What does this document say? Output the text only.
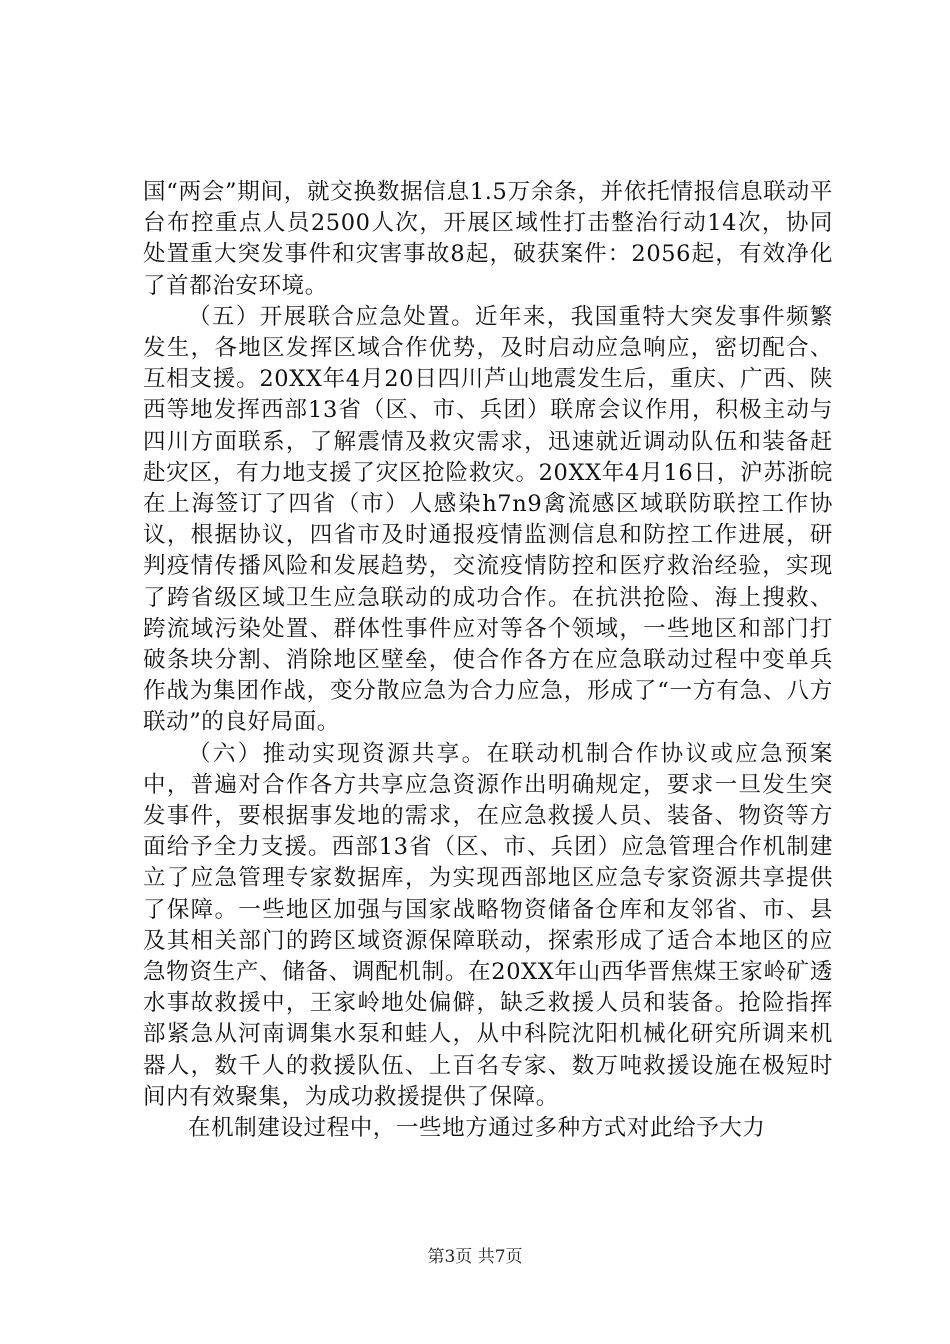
国“两会”期间，就交换数据信息1.5万余条，并依托情报信息联动平台布控重点人员2500人次，开展区域性打击整治行动14次，协同处置重大突发事件和灾害事故8起，破获案件：2056起，有效净化了首都治安环境。

（五）开展联合应急处置。近年来，我国重特大突发事件频繁发生，各地区发挥区域合作优势，及时启动应急响应，密切配合、互相支援。20XX年4月20日四川芦山地震发生后，重庆、广西、陕西等地发挥西部13省（区、市、兵团）联席会议作用，积极主动与四川方面联系，了解震情及救灾需求，迅速就近调动队伍和装备赶赴灾区，有力地支援了灾区抢险救灾。20XX年4月16日，沪苏浙皖在上海签订了四省（市）人感染h7n9禽流感区域联防联控工作协议，根据协议，四省市及时通报疫情监测信息和防控工作进展，研判疫情传播风险和发展趋势，交流疫情防控和医疗救治经验，实现了跨省级区域卫生应急联动的成功合作。在抗洪抢险、海上搜救、跨流域污染处置、群体性事件应对等各个领域，一些地区和部门打破条块分割、消除地区壁垒，使合作各方在应急联动过程中变单兵作战为集团作战，变分散应急为合力应急，形成了“一方有急、八方联动”的良好局面。

（六）推动实现资源共享。在联动机制合作协议或应急预案中，普遍对合作各方共享应急资源作出明确规定，要求一旦发生突发事件，要根据事发地的需求，在应急救援人员、装备、物资等方面给予全力支援。西部13省（区、市、兵团）应急管理合作机制建立了应急管理专家数据库，为实现西部地区应急专家资源共享提供了保障。一些地区加强与国家战略物资储备仓库和友邻省、市、县及其相关部门的跨区域资源保障联动，探索形成了适合本地区的应急物资生产、储备、调配机制。在20XX年山西华晋焦煤王家岭矿透水事故救援中，王家岭地处偏僻，缺乏救援人员和装备。抢险指挥部紧急从河南调集水泵和蛙人，从中科院沈阳机械化研究所调来机器人，数千人的救援队伍、上百名专家、数万吨救援设施在极短时间内有效聚集，为成功救援提供了保障。

在机制建设过程中，一些地方通过多种方式对此给予大力

第3页 共7页
